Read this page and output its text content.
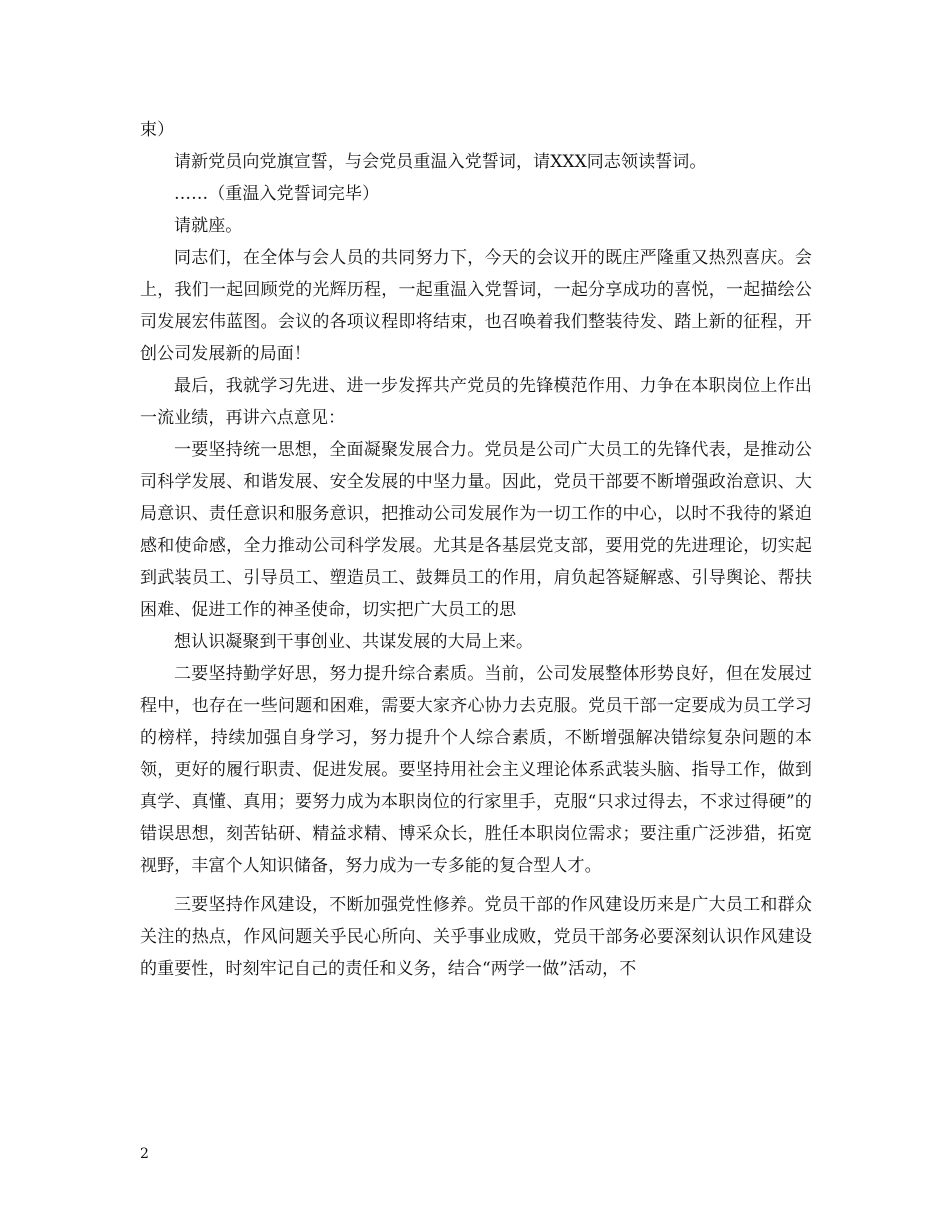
束）

请新党员向党旗宣誓，与会党员重温入党誓词，请XXX同志领读誓词。

……（重温入党誓词完毕）

请就座。

同志们，在全体与会人员的共同努力下，今天的会议开的既庄严隆重又热烈喜庆。会上，我们一起回顾党的光辉历程，一起重温入党誓词，一起分享成功的喜悦，一起描绘公司发展宏伟蓝图。会议的各项议程即将结束，也召唤着我们整装待发、踏上新的征程，开创公司发展新的局面！

最后，我就学习先进、进一步发挥共产党员的先锋模范作用、力争在本职岗位上作出一流业绩，再讲六点意见：

一要坚持统一思想，全面凝聚发展合力。党员是公司广大员工的先锋代表，是推动公司科学发展、和谐发展、安全发展的中坚力量。因此，党员干部要不断增强政治意识、大局意识、责任意识和服务意识，把推动公司发展作为一切工作的中心，以时不我待的紧迫感和使命感，全力推动公司科学发展。尤其是各基层党支部，要用党的先进理论，切实起到武装员工、引导员工、塑造员工、鼓舞员工的作用，肩负起答疑解惑、引导舆论、帮扶困难、促进工作的神圣使命，切实把广大员工的思

想认识凝聚到干事创业、共谋发展的大局上来。

二要坚持勤学好思，努力提升综合素质。当前，公司发展整体形势良好，但在发展过程中，也存在一些问题和困难，需要大家齐心协力去克服。党员干部一定要成为员工学习的榜样，持续加强自身学习，努力提升个人综合素质，不断增强解决错综复杂问题的本领，更好的履行职责、促进发展。要坚持用社会主义理论体系武装头脑、指导工作，做到真学、真懂、真用；要努力成为本职岗位的行家里手，克服“只求过得去，不求过得硬”的错误思想，刻苦钻研、精益求精、博采众长，胜任本职岗位需求；要注重广泛涉猎，拓宽视野，丰富个人知识储备，努力成为一专多能的复合型人才。

三要坚持作风建设，不断加强党性修养。党员干部的作风建设历来是广大员工和群众关注的热点，作风问题关乎民心所向、关乎事业成败，党员干部务必要深刻认识作风建设的重要性，时刻牢记自己的责任和义务，结合“两学一做”活动，不

2
